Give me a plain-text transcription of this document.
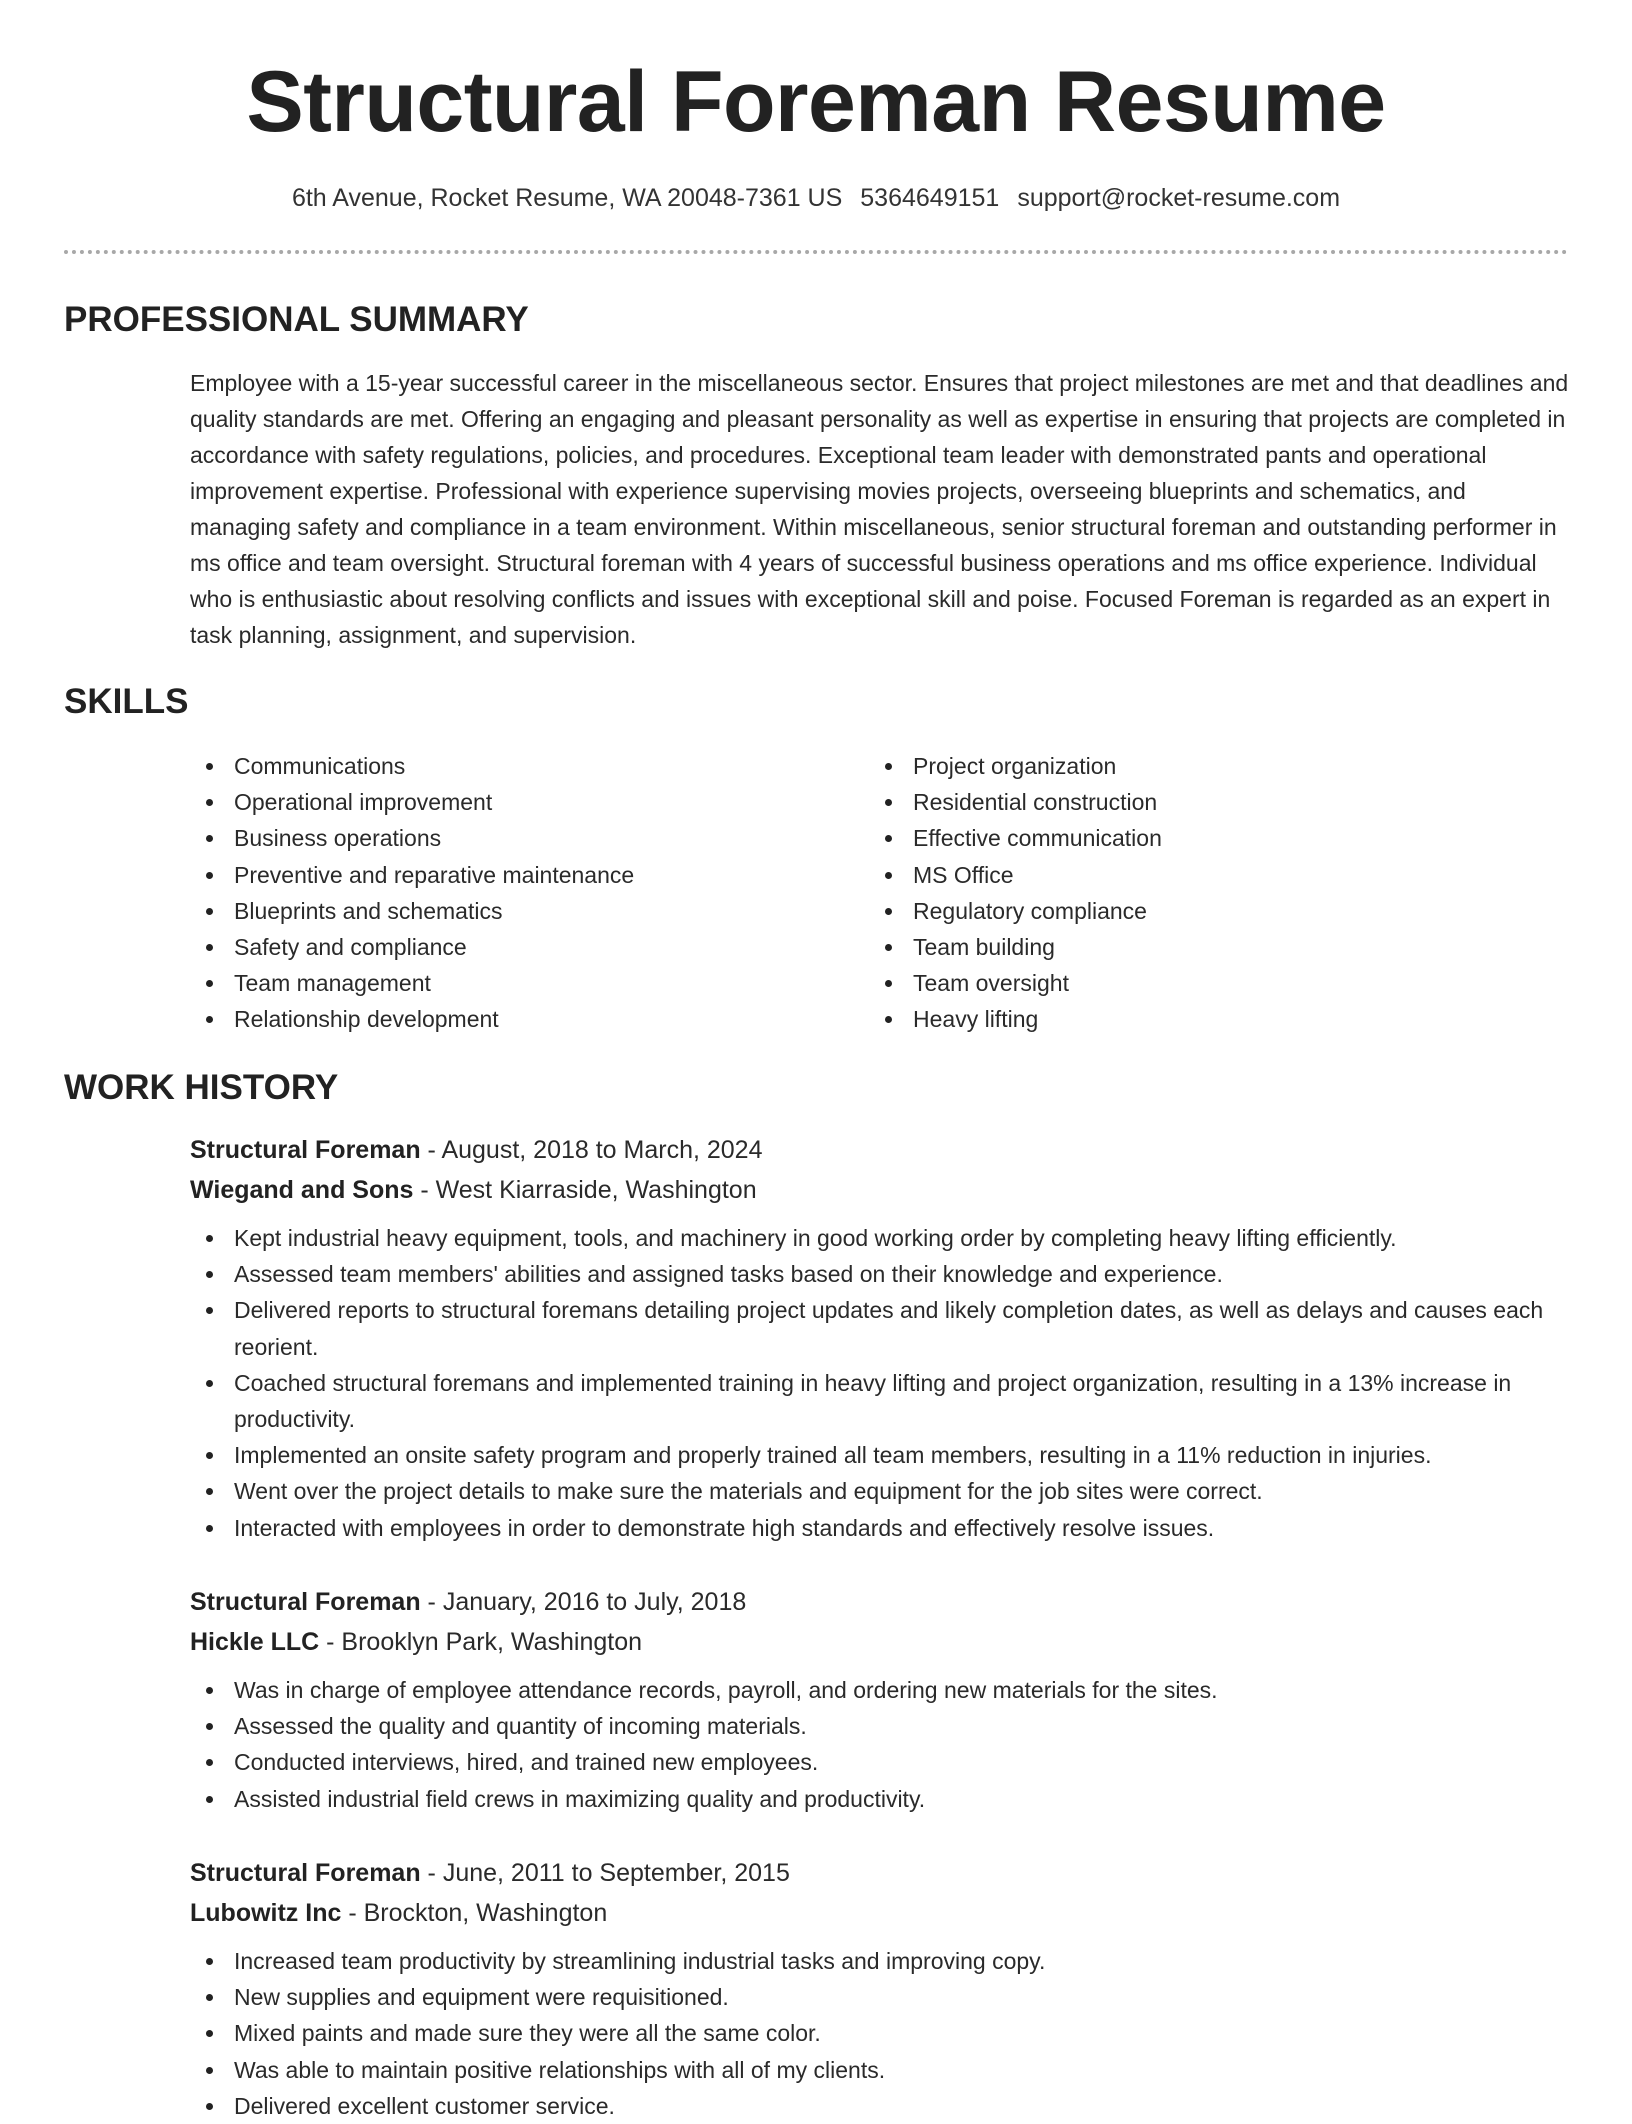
Structural Foreman Resume
6th Avenue, Rocket Resume, WA 20048-7361 US 5364649151 support@rocket-resume.com
PROFESSIONAL SUMMARY

Employee with a 15-year successful career in the miscellaneous sector. Ensures that project milestones are met and that deadlines and quality standards are met. Offering an engaging and pleasant personality as well as expertise in ensuring that projects are completed in accordance with safety regulations, policies, and procedures. Exceptional team leader with demonstrated pants and operational improvement expertise. Professional with experience supervising movies projects, overseeing blueprints and schematics, and managing safety and compliance in a team environment. Within miscellaneous, senior structural foreman and outstanding performer in ms office and team oversight. Structural foreman with 4 years of successful business operations and ms office experience. Individual who is enthusiastic about resolving conflicts and issues with exceptional skill and poise. Focused Foreman is regarded as an expert in task planning, assignment, and supervision.

SKILLS
Communications
Operational improvement
Business operations
Preventive and reparative maintenance
Blueprints and schematics
Safety and compliance
Team management
Relationship development
Project organization
Residential construction
Effective communication
MS Office
Regulatory compliance
Team building
Team oversight
Heavy lifting
WORK HISTORY
Structural Foreman - August, 2018 to March, 2024
Wiegand and Sons - West Kiarraside, Washington
Kept industrial heavy equipment, tools, and machinery in good working order by completing heavy lifting efficiently.
Assessed team members' abilities and assigned tasks based on their knowledge and experience.
Delivered reports to structural foremans detailing project updates and likely completion dates, as well as delays and causes each reorient.
Coached structural foremans and implemented training in heavy lifting and project organization, resulting in a 13% increase in productivity.
Implemented an onsite safety program and properly trained all team members, resulting in a 11% reduction in injuries.
Went over the project details to make sure the materials and equipment for the job sites were correct.
Interacted with employees in order to demonstrate high standards and effectively resolve issues.
Structural Foreman - January, 2016 to July, 2018
Hickle LLC - Brooklyn Park, Washington
Was in charge of employee attendance records, payroll, and ordering new materials for the sites.
Assessed the quality and quantity of incoming materials.
Conducted interviews, hired, and trained new employees.
Assisted industrial field crews in maximizing quality and productivity.
Structural Foreman - June, 2011 to September, 2015
Lubowitz Inc - Brockton, Washington
Increased team productivity by streamlining industrial tasks and improving copy.
New supplies and equipment were requisitioned.
Mixed paints and made sure they were all the same color.
Was able to maintain positive relationships with all of my clients.
Delivered excellent customer service.
